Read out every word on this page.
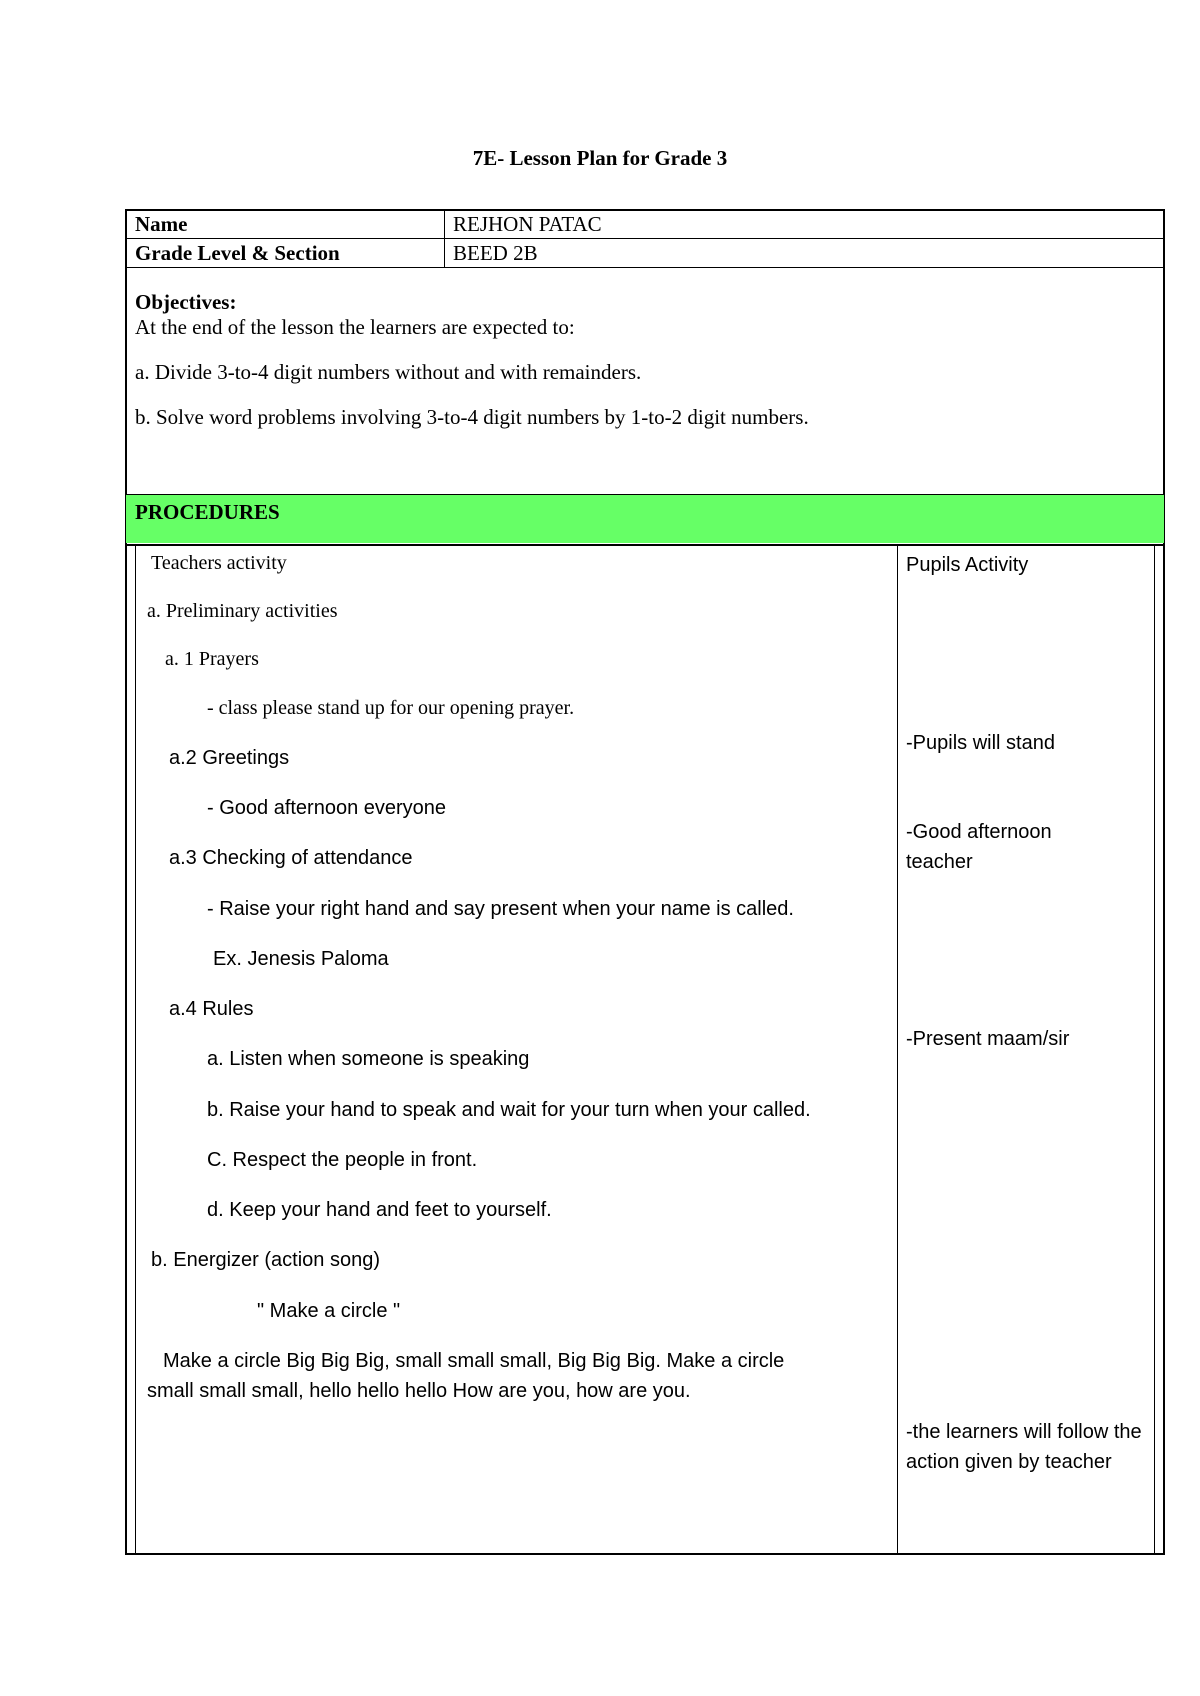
7E- Lesson Plan for Grade 3
Name	REJHON PATAC
Grade Level & Section	BEED 2B
Objectives:
At the end of the lesson the learners are expected to:
a. Divide 3-to-4 digit numbers without and with remainders.
b. Solve word problems involving 3-to-4 digit numbers by 1-to-2 digit numbers.
PROCEDURES
Teachers activity
a. Preliminary activities
a. 1 Prayers
- class please stand up for our opening prayer.
a.2 Greetings
- Good afternoon everyone
a.3 Checking of attendance
- Raise your right hand and say present when your name is called.
Ex. Jenesis Paloma
a.4 Rules
a. Listen when someone is speaking
b. Raise your hand to speak and wait for your turn when your called.
C. Respect the people in front.
d. Keep your hand and feet to yourself.
b. Energizer (action song)
" Make a circle "
Make a circle Big Big Big, small small small, Big Big Big. Make a circle
small small small, hello hello hello How are you, how are you.
Pupils Activity
-Pupils will stand
-Good afternoon teacher
-Present maam/sir
-the learners will follow the action given by teacher
